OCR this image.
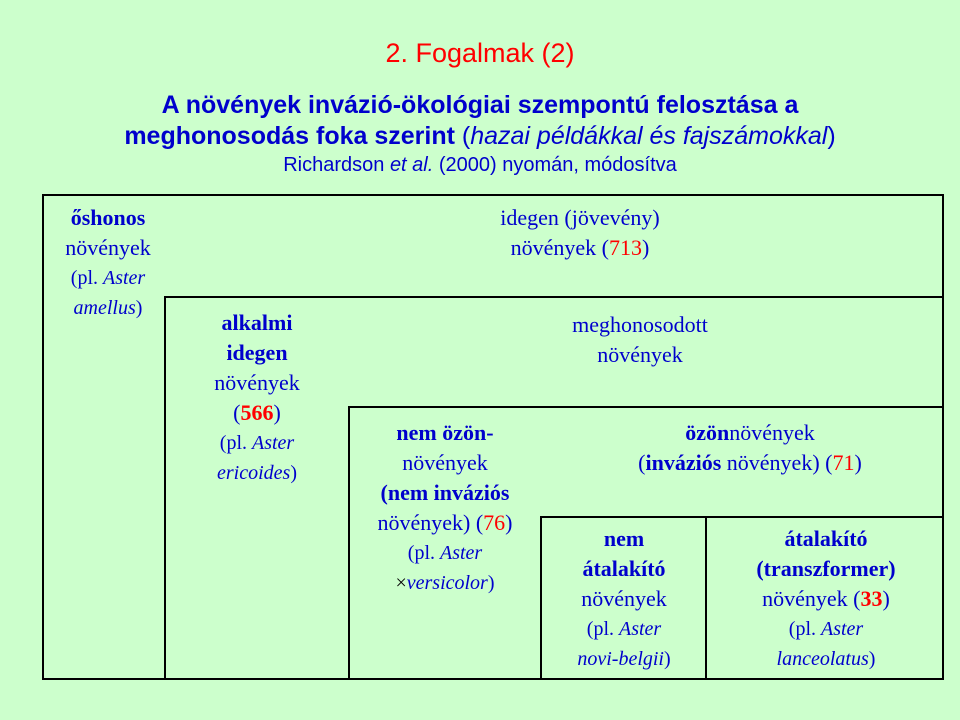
2. Fogalmak (2)
A növények invázió-ökológiai szempontú felosztása a
meghonosodás foka szerint (hazai példákkal és fajszámokkal)
Richardson et al. (2000) nyomán, módosítva
őshonos
növények
(pl. Aster
amellus)
idegen (jövevény)
növények (713)
alkalmi
idegen
növények
(566)
(pl. Aster
ericoides)
meghonosodott
növények
nem özön-
növények
(nem inváziós
növények) (76)
(pl. Aster
×versicolor)
özönnövények
(inváziós növények) (71)
nem
átalakító
növények
(pl. Aster
novi-belgii)
átalakító
(transzformer)
növények (33)
(pl. Aster
lanceolatus)
